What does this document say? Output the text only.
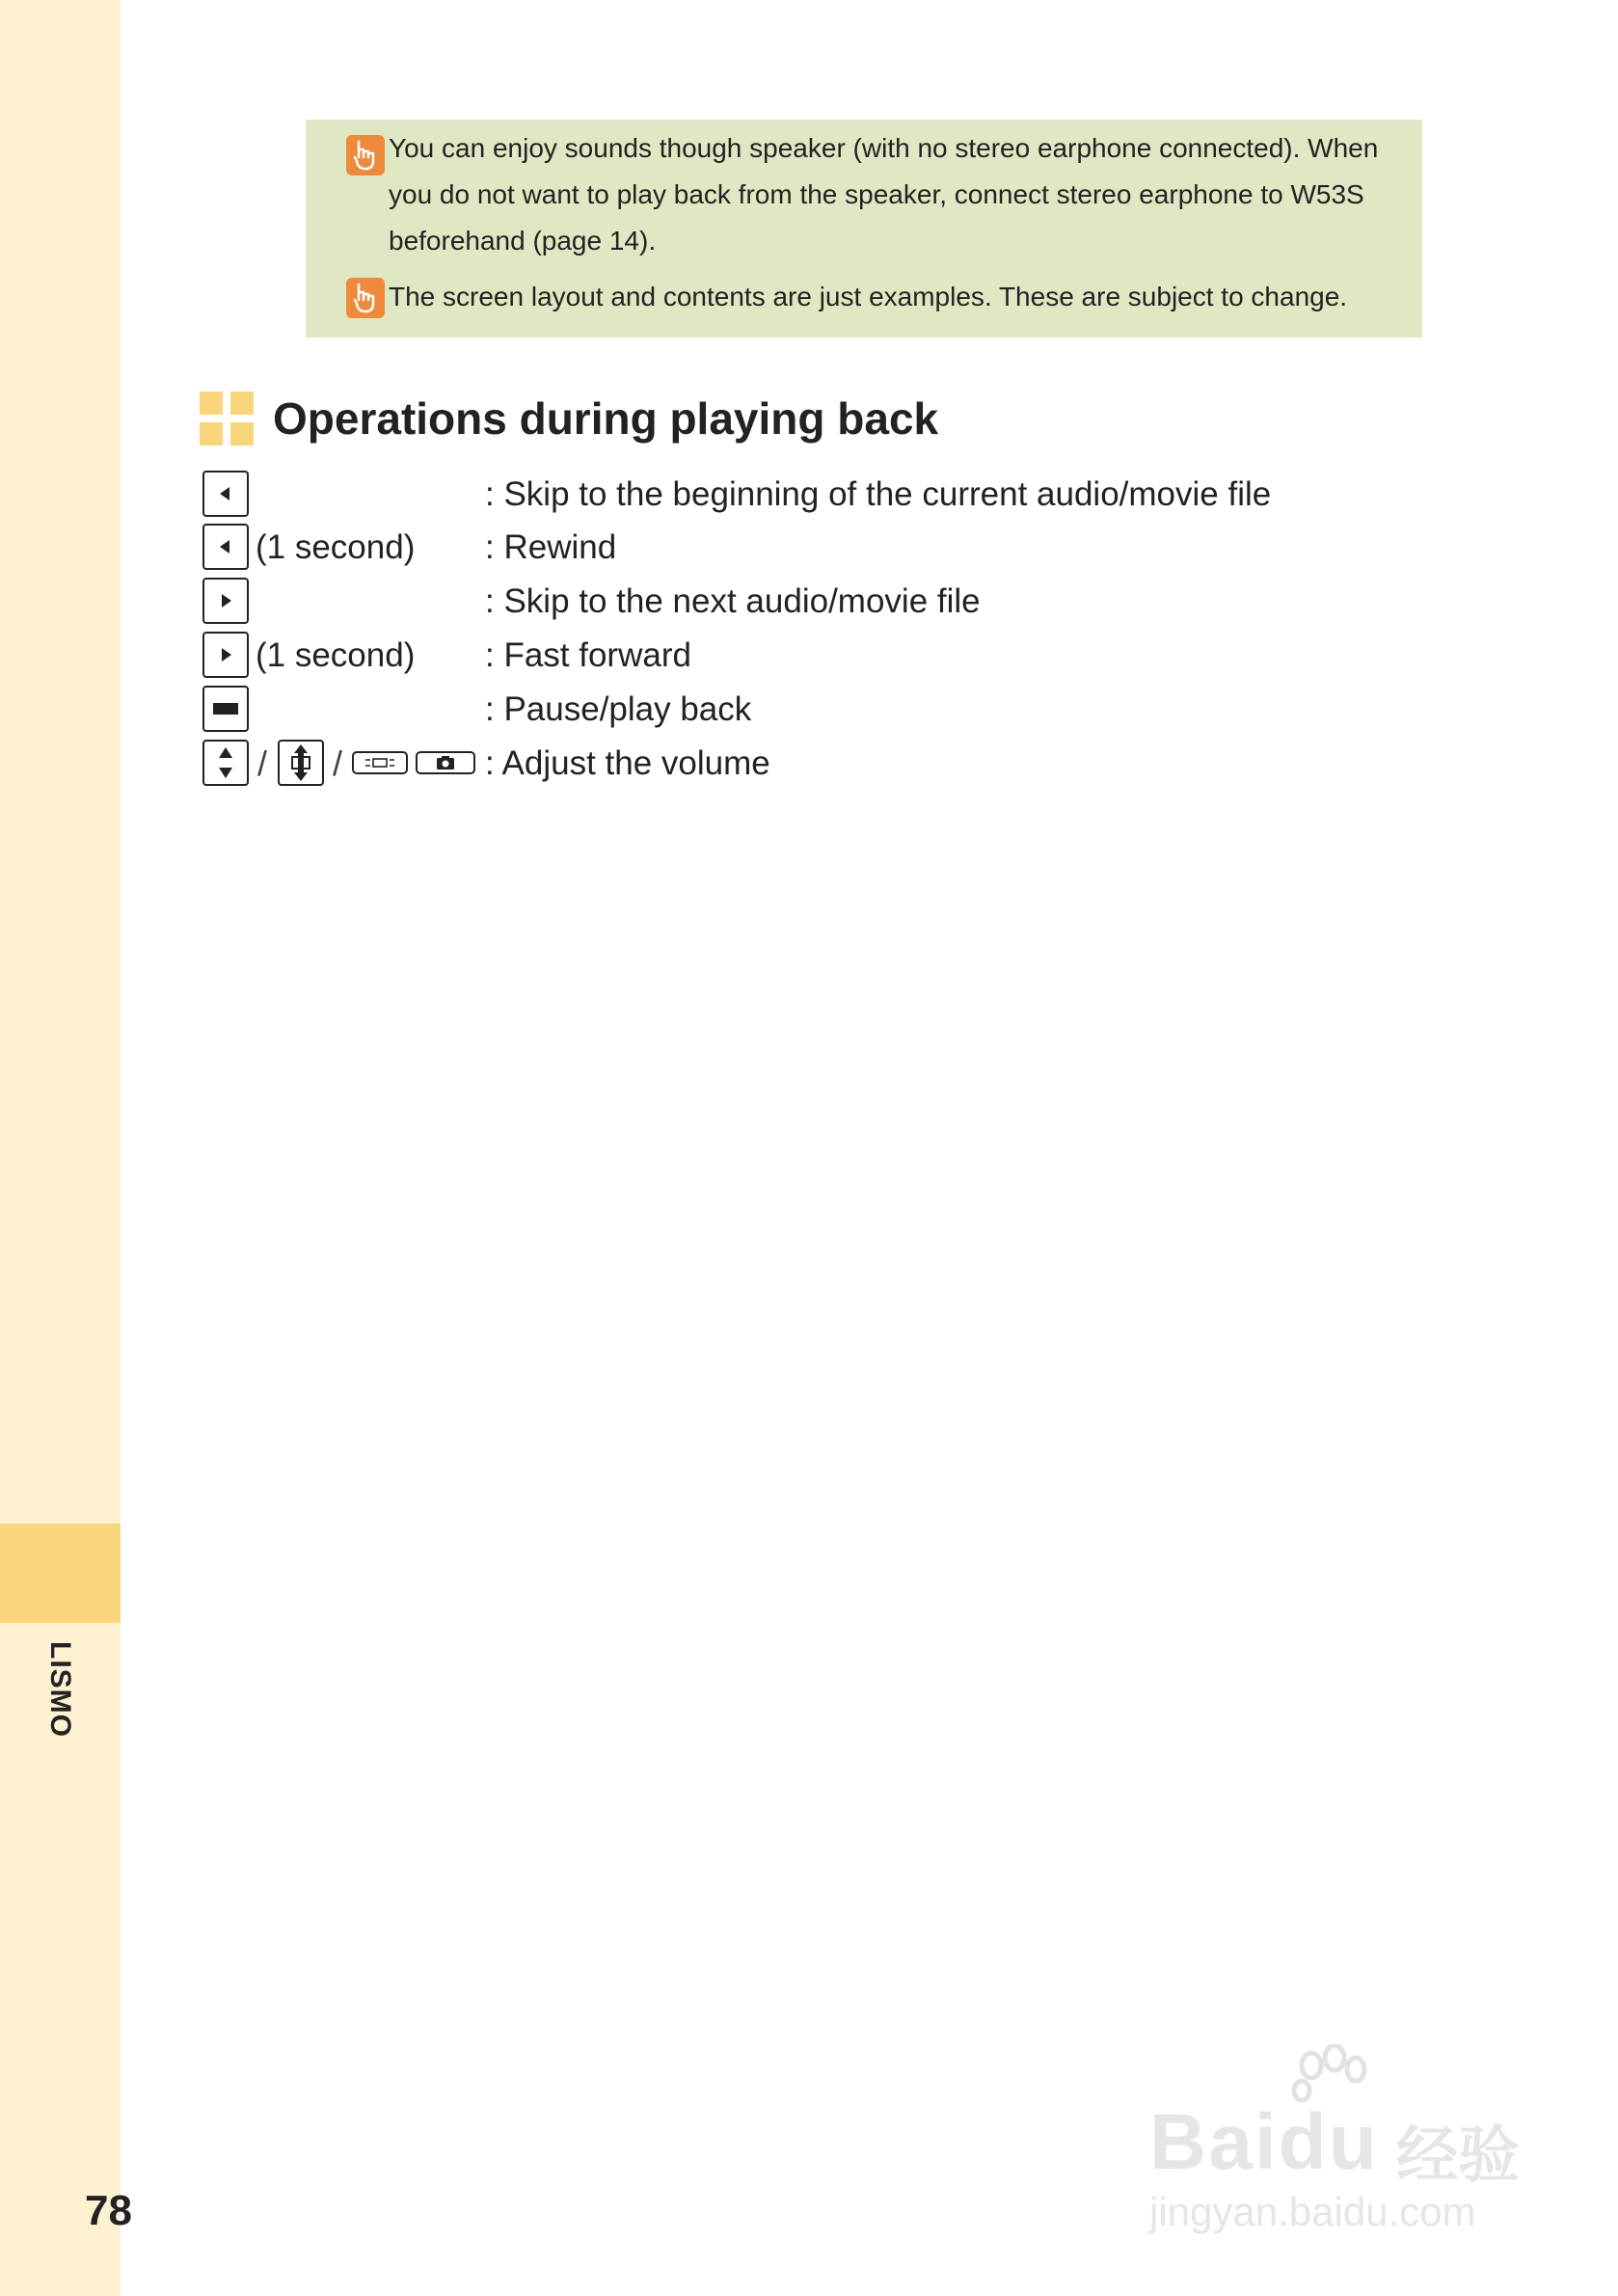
LISMO
78
You can enjoy sounds though speaker (with no stereo earphone connected). When you do not want to play back from the speaker, connect stereo earphone to W53S beforehand (page 14).
The screen layout and contents are just examples. These are subject to change.
Operations during playing back
: Skip to the beginning of the current audio/movie file
(1 second) : Rewind
: Skip to the next audio/movie file
(1 second) : Fast forward
: Pause/play back
/ /	: Adjust the volume
Baidu 经验
jingyan.baidu.com
